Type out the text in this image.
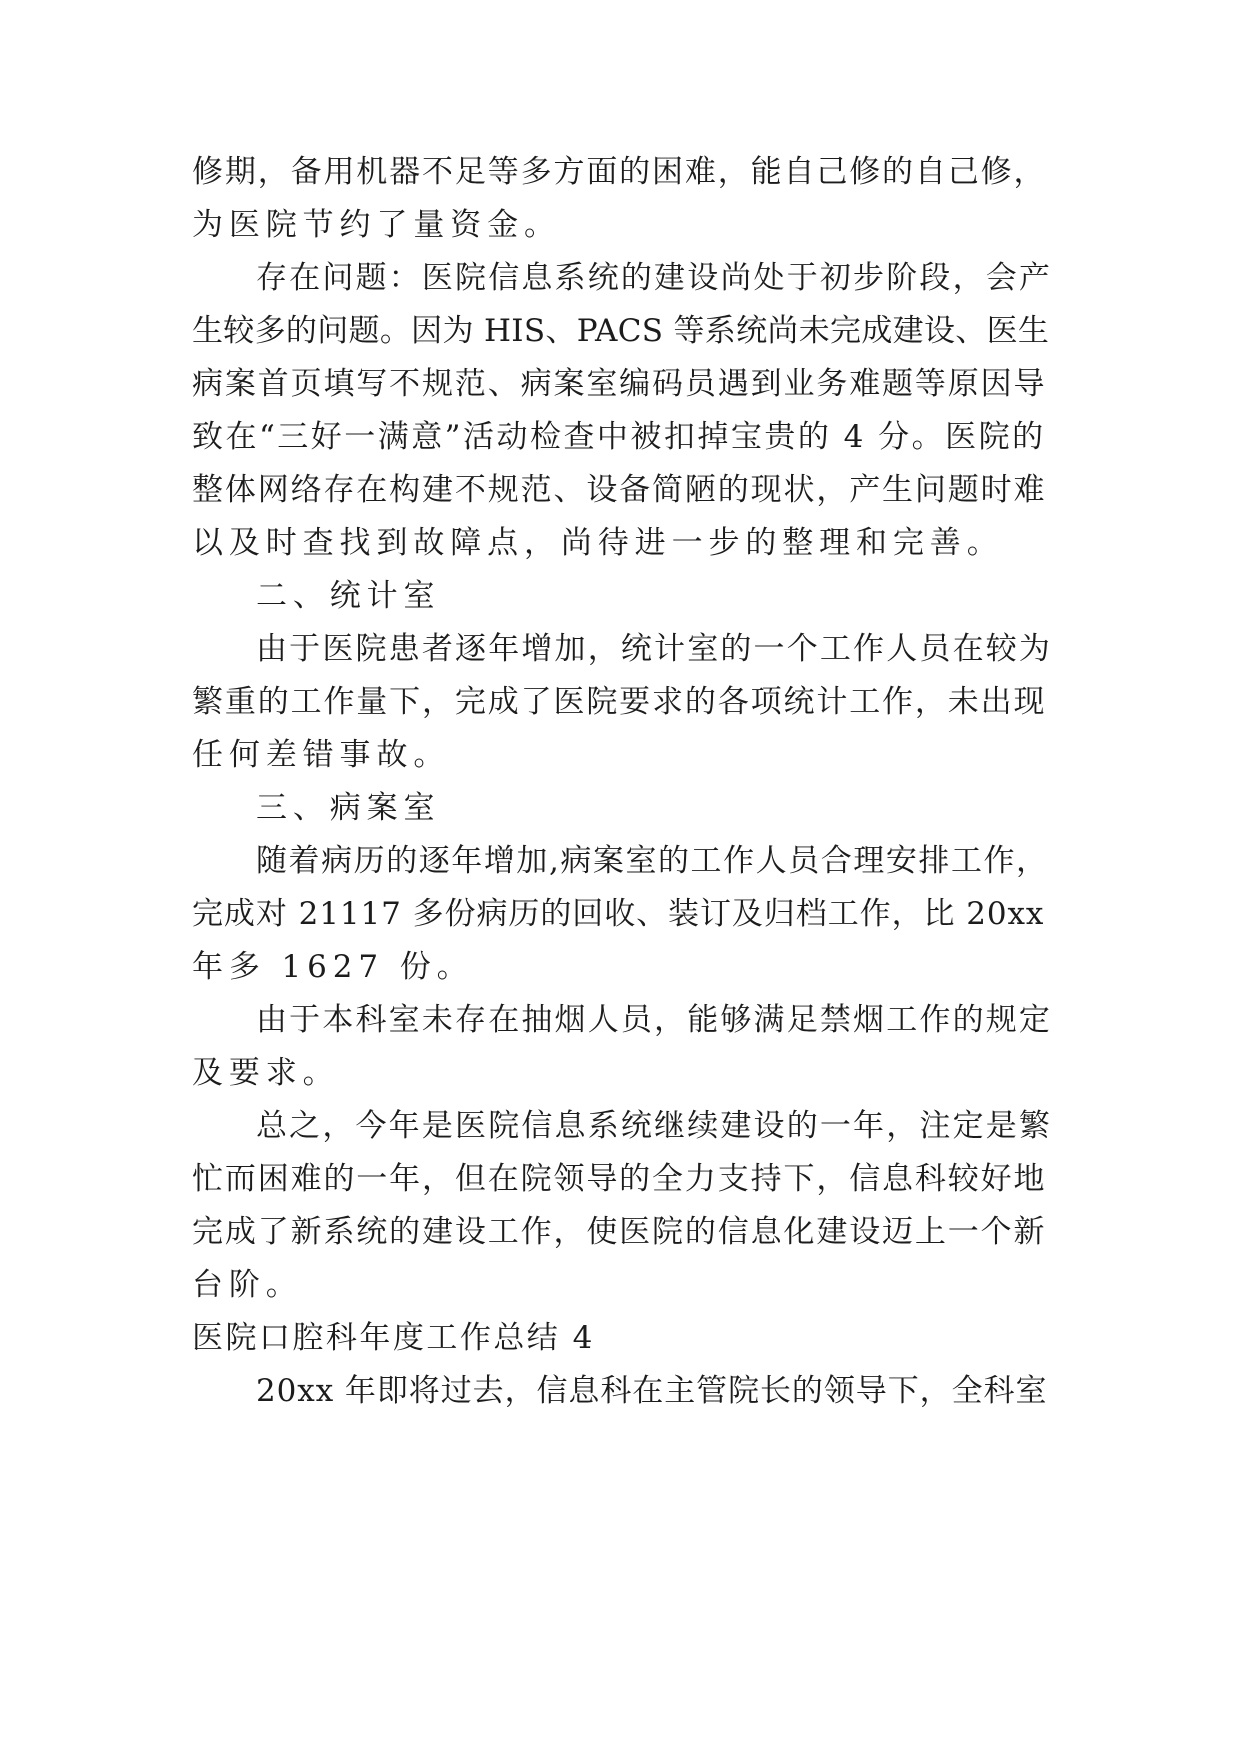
修期，备用机器不足等多方面的困难，能自己修的自己修，
为医院节约了量资金。
存在问题：医院信息系统的建设尚处于初步阶段，会产
生较多的问题。因为 HIS、PACS 等系统尚未完成建设、医生
病案首页填写不规范、病案室编码员遇到业务难题等原因导
致在“三好一满意”活动检查中被扣掉宝贵的 4 分。医院的
整体网络存在构建不规范、设备简陋的现状，产生问题时难
以及时查找到故障点，尚待进一步的整理和完善。
二、统计室
由于医院患者逐年增加，统计室的一个工作人员在较为
繁重的工作量下，完成了医院要求的各项统计工作，未出现
任何差错事故。
三、病案室
随着病历的逐年增加,病案室的工作人员合理安排工作，
完成对 21117 多份病历的回收、装订及归档工作，比 20xx
年多 1627 份。
由于本科室未存在抽烟人员，能够满足禁烟工作的规定
及要求。
总之，今年是医院信息系统继续建设的一年，注定是繁
忙而困难的一年，但在院领导的全力支持下，信息科较好地
完成了新系统的建设工作，使医院的信息化建设迈上一个新
台阶。
医院口腔科年度工作总结 4
20xx 年即将过去，信息科在主管院长的领导下，全科室
